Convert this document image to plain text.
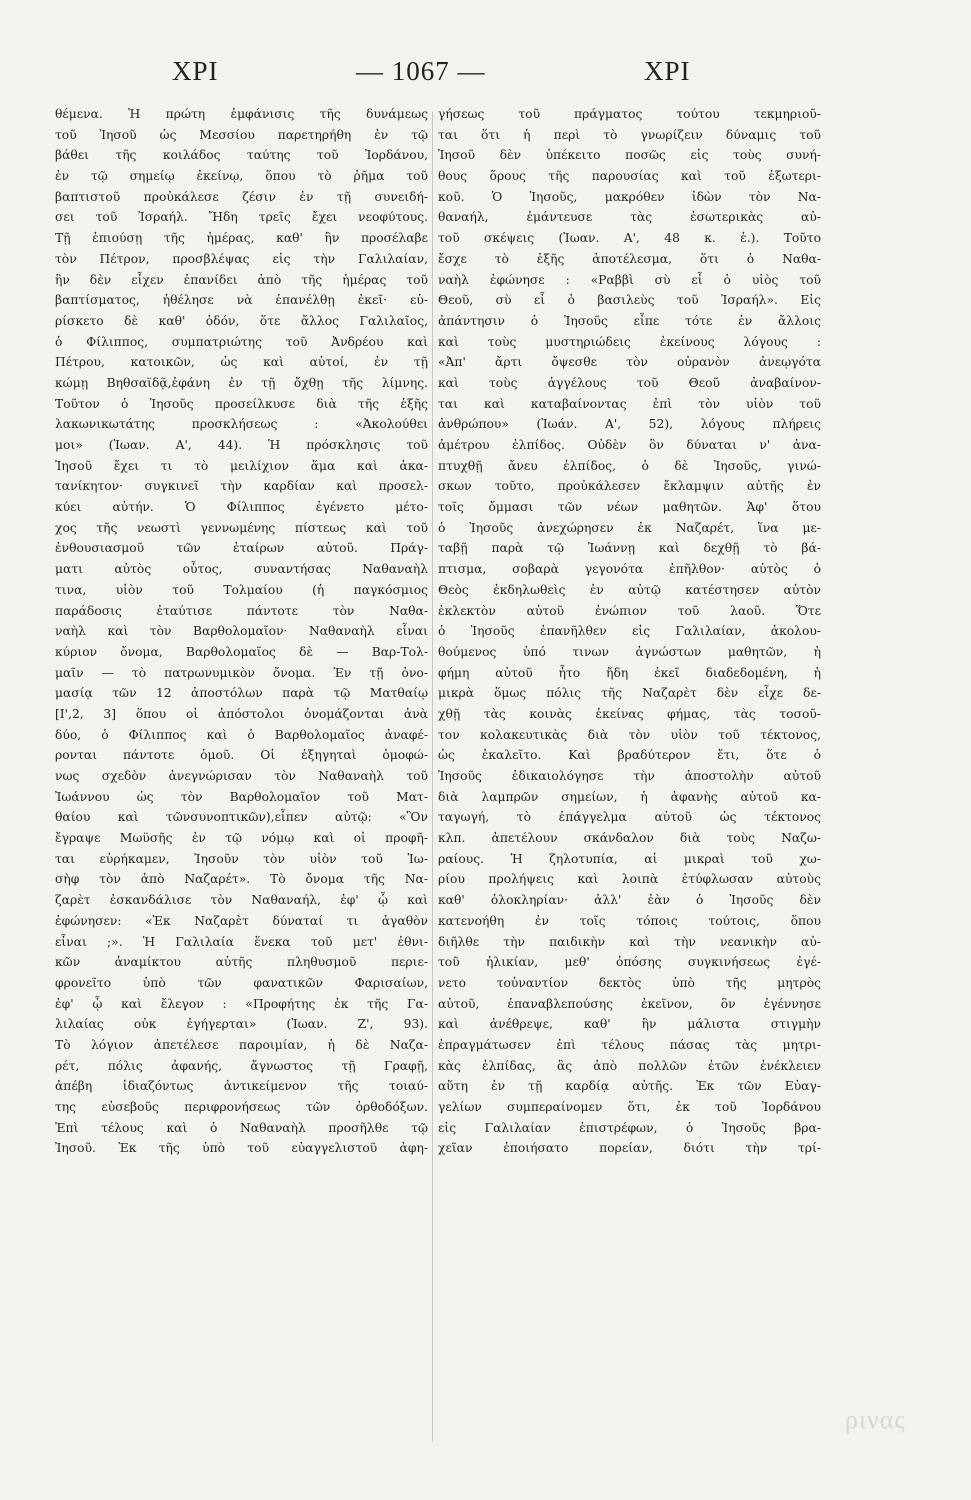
ΧΡΙ	— 1067 —	ΧΡΙ
θέμενα. Ἡ πρώτη ἐμφάνισις τῆς δυνάμεως
τοῦ Ἰησοῦ ὡς Μεσσίου παρετηρήθη ἐν τῷ
βάθει τῆς κοιλάδος ταύτης τοῦ Ἰορδάνου,
ἐν τῷ σημείῳ ἐκείνῳ, ὅπου τὸ ῥῆμα τοῦ
βαπτιστοῦ προὐκάλεσε ζέσιν ἐν τῇ συνειδή-
σει τοῦ Ἰσραήλ. Ἤδη τρεῖς ἔχει νεοφύτους.
Τῇ ἐπιούσῃ τῆς ἡμέρας, καθ' ἣν προσέλαβε
τὸν Πέτρον, προσβλέψας εἰς τὴν Γαλιλαίαν,
ἣν δὲν εἶχεν ἐπανίδει ἀπὸ τῆς ἡμέρας τοῦ
βαπτίσματος, ἠθέλησε νὰ ἐπανέλθῃ ἐκεῖ· εὑ-
ρίσκετο δὲ καθ' ὁδόν, ὅτε ἄλλος Γαλιλαῖος,
ὁ Φίλιππος, συμπατριώτης τοῦ Ἀνδρέου καὶ
Πέτρου, κατοικῶν, ὡς καὶ αὐτοί, ἐν τῇ
κώμῃ Βηθσαϊδᾷ,ἐφάνη ἐν τῇ ὄχθῃ τῆς λίμνης.
Τοῦτον ὁ Ἰησοῦς προσείλκυσε διὰ τῆς ἑξῆς
λακωνικωτάτης προσκλήσεως : «Ἀκολούθει
μοι» (Ἰωαν. Α', 44). Ἡ πρόσκλησις τοῦ
Ἰησοῦ ἔχει τι τὸ μειλίχιον ἅμα καὶ ἀκα-
τανίκητον· συγκινεῖ τὴν καρδίαν καὶ προσελ-
κύει αὐτήν. Ὁ Φίλιππος ἐγένετο μέτο-
χος τῆς νεωστὶ γεννωμένης πίστεως καὶ τοῦ
ἐνθουσιασμοῦ τῶν ἑταίρων αὐτοῦ. Πράγ-
ματι αὐτὸς οὗτος, συναντήσας Ναθαναὴλ
τινα, υἱὸν τοῦ Τολμαίου (ἡ παγκόσμιος
παράδοσις ἐταύτισε πάντοτε τὸν Ναθα-
ναὴλ καὶ τὸν Βαρθολομαῖον· Ναθαναὴλ εἶναι
κύριον ὄνομα, Βαρθολομαῖος δὲ — Βαρ-Τολ-
μαῖν — τὸ πατρωνυμικὸν ὄνομα. Ἐν τῇ ὀνο-
μασίᾳ τῶν 12 ἀποστόλων παρὰ τῷ Ματθαίῳ
[Ι',2, 3] ὅπου οἱ ἀπόστολοι ὀνομάζονται ἀνὰ
δύο, ὁ Φίλιππος καὶ ὁ Βαρθολομαῖος ἀναφέ-
ρονται πάντοτε ὁμοῦ. Οἱ ἐξηγηταὶ ὁμοφώ-
νως σχεδὸν ἀνεγνώρισαν τὸν Ναθαναὴλ τοῦ
Ἰωάννου ὡς τὸν Βαρθολομαῖον τοῦ Ματ-
θαίου καὶ τῶνσυνοπτικῶν),εἶπεν αὐτῷ: «Ὃν
ἔγραψε Μωϋσῆς ἐν τῷ νόμῳ καὶ οἱ προφῆ-
ται εὑρήκαμεν, Ἰησοῦν τὸν υἱὸν τοῦ Ἰω-
σὴφ τὸν ἀπὸ Ναζαρέτ». Τὸ ὄνομα τῆς Να-
ζαρὲτ ἐσκανδάλισε τὸν Ναθαναήλ, ἐφ' ᾧ καὶ
ἐφώνησεν: «Ἐκ Ναζαρὲτ δύναταί τι ἀγαθὸν
εἶναι ;». Ἡ Γαλιλαία ἕνεκα τοῦ μετ' ἐθνι-
κῶν ἀναμίκτου αὐτῆς πληθυσμοῦ περιε-
φρονεῖτο ὑπὸ τῶν φανατικῶν Φαρισαίων,
ἐφ' ᾧ καὶ ἔλεγον : «Προφήτης ἐκ τῆς Γα-
λιλαίας οὐκ ἐγήγερται» (Ἰωαν. Ζ', 93).
Τὸ λόγιον ἀπετέλεσε παροιμίαν, ἡ δὲ Ναζα-
ρέτ, πόλις ἀφανής, ἄγνωστος τῇ Γραφῇ,
ἀπέβη ἰδιαζόντως ἀντικείμενον τῆς τοιαύ-
της εὐσεβοῦς περιφρονήσεως τῶν ὀρθοδόξων.
Ἐπὶ τέλους καὶ ὁ Ναθαναὴλ προσῆλθε τῷ
Ἰησοῦ. Ἐκ τῆς ὑπὸ τοῦ εὐαγγελιστοῦ ἀφη-
γήσεως τοῦ πράγματος τούτου τεκμηριοῦ-
ται ὅτι ἡ περὶ τὸ γνωρίζειν δύναμις τοῦ
Ἰησοῦ δὲν ὑπέκειτο ποσῶς εἰς τοὺς συνή-
θους ὅρους τῆς παρουσίας καὶ τοῦ ἐξωτερι-
κοῦ. Ὁ Ἰησοῦς, μακρόθεν ἰδὼν τὸν Να-
θαναήλ, ἐμάντευσε τὰς ἐσωτερικὰς αὐ-
τοῦ σκέψεις (Ἰωαν. Α', 48 κ. ἑ.). Τοῦτο
ἔσχε τὸ ἑξῆς ἀποτέλεσμα, ὅτι ὁ Ναθα-
ναὴλ ἐφώνησε : «Ραββὶ σὺ εἶ ὁ υἱὸς τοῦ
Θεοῦ, σὺ εἶ ὁ βασιλεὺς τοῦ Ἰσραήλ». Εἰς
ἀπάντησιν ὁ Ἰησοῦς εἶπε τότε ἐν ἄλλοις
καὶ τοὺς μυστηριώδεις ἐκείνους λόγους :
«Ἀπ' ἄρτι ὄψεσθε τὸν οὐρανὸν ἀνεῳγότα
καὶ τοὺς ἀγγέλους τοῦ Θεοῦ ἀναβαίνον-
ται καὶ καταβαίνοντας ἐπὶ τὸν υἱὸν τοῦ
ἀνθρώπου» (Ἰωάν. Α', 52), λόγους πλήρεις
ἀμέτρου ἐλπίδος. Οὐδὲν ὃν δύναται ν' ἀνα-
πτυχθῇ ἄνευ ἐλπίδος, ὁ δὲ Ἰησοῦς, γινώ-
σκων τοῦτο, προὐκάλεσεν ἔκλαμψιν αὐτῆς ἐν
τοῖς ὄμμασι τῶν νέων μαθητῶν. Ἀφ' ὅτου
ὁ Ἰησοῦς ἀνεχώρησεν ἐκ Ναζαρέτ, ἵνα με-
ταβῇ παρὰ τῷ Ἰωάννῃ καὶ δεχθῇ τὸ βά-
πτισμα, σοβαρὰ γεγονότα ἐπῆλθον· αὐτὸς ὁ
Θεὸς ἐκδηλωθεὶς ἐν αὐτῷ κατέστησεν αὐτὸν
ἐκλεκτὸν αὐτοῦ ἐνώπιον τοῦ λαοῦ. Ὅτε
ὁ Ἰησοῦς ἐπανῆλθεν εἰς Γαλιλαίαν, ἀκολου-
θούμενος ὑπό τινων ἀγνώστων μαθητῶν, ἡ
φήμη αὐτοῦ ἦτο ἤδη ἐκεῖ διαδεδομένη, ἡ
μικρὰ ὅμως πόλις τῆς Ναζαρὲτ δὲν εἶχε δε-
χθῇ τὰς κοινὰς ἐκείνας φήμας, τὰς τοσοῦ-
τον κολακευτικὰς διὰ τὸν υἱὸν τοῦ τέκτονος,
ὡς ἐκαλεῖτο. Καὶ βραδύτερον ἔτι, ὅτε ὁ
Ἰησοῦς ἐδικαιολόγησε τὴν ἀποστολὴν αὐτοῦ
διὰ λαμπρῶν σημείων, ἡ ἀφανὴς αὐτοῦ κα-
ταγωγή, τὸ ἐπάγγελμα αὐτοῦ ὡς τέκτονος
κλπ. ἀπετέλουν σκάνδαλον διὰ τοὺς Ναζω-
ραίους. Ἡ ζηλοτυπία, αἱ μικραὶ τοῦ χω-
ρίου προλήψεις καὶ λοιπὰ ἐτύφλωσαν αὐτοὺς
καθ' ὁλοκληρίαν· ἀλλ' ἐὰν ὁ Ἰησοῦς δὲν
κατενοήθη ἐν τοῖς τόποις τούτοις, ὅπου
διῆλθε τὴν παιδικὴν καὶ τὴν νεανικὴν αὐ-
τοῦ ἡλικίαν, μεθ' ὁπόσης συγκινήσεως ἐγέ-
νετο τοὐναντίον δεκτὸς ὑπὸ τῆς μητρὸς
αὐτοῦ, ἐπαναβλεπούσης ἐκεῖνον, ὃν ἐγέννησε
καὶ ἀνέθρεψε, καθ' ἣν μάλιστα στιγμὴν
ἐπραγμάτωσεν ἐπὶ τέλους πάσας τὰς μητρι-
κὰς ἐλπίδας, ἃς ἀπὸ πολλῶν ἐτῶν ἐνέκλειεν
αὕτη ἐν τῇ καρδίᾳ αὐτῆς. Ἐκ τῶν Εὐαγ-
γελίων συμπεραίνομεν ὅτι, ἐκ τοῦ Ἰορδάνου
εἰς Γαλιλαίαν ἐπιστρέφων, ὁ Ἰησοῦς βρα-
χεῖαν ἐποιήσατο πορείαν, διότι τὴν τρί-
ρινας
